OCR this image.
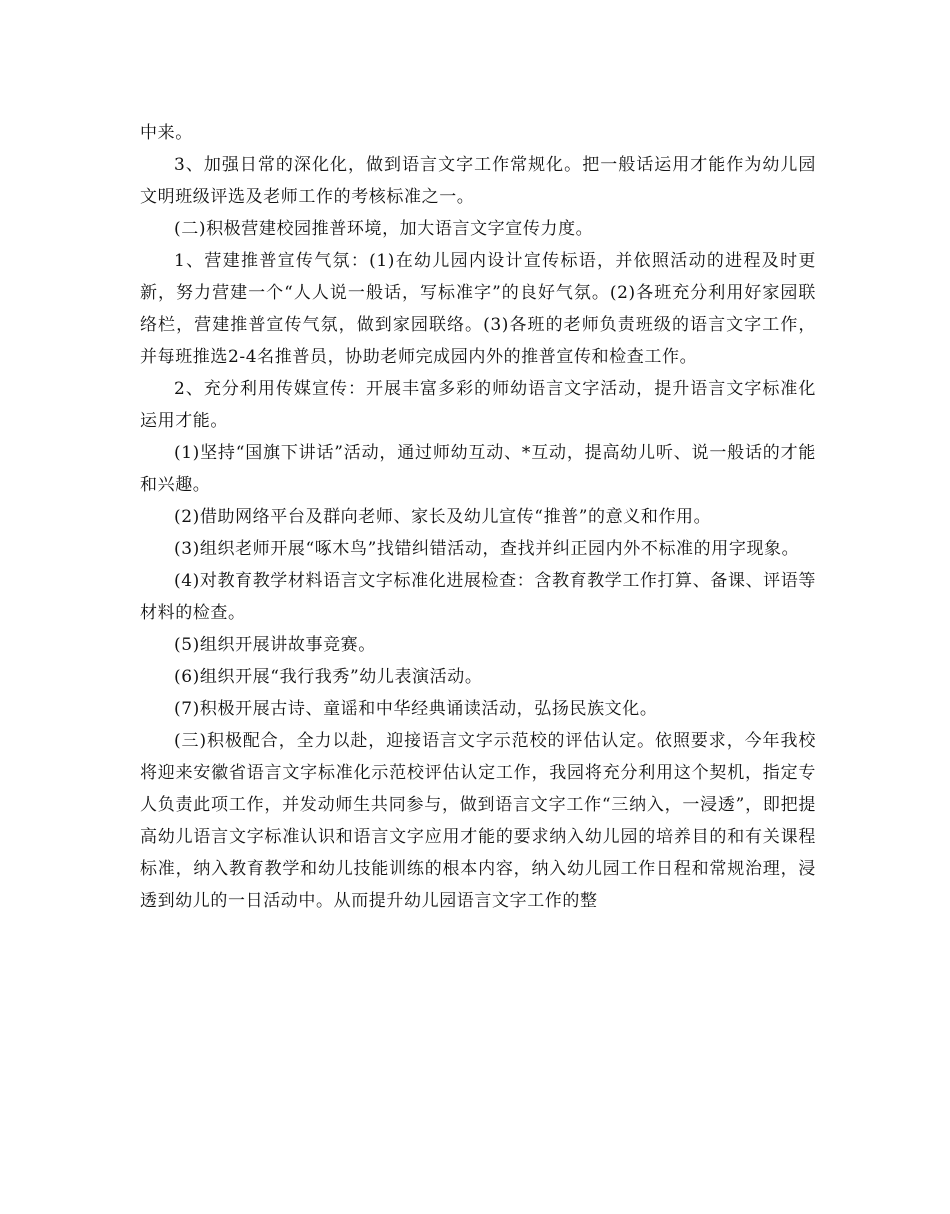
中来。

3、加强日常的深化化，做到语言文字工作常规化。把一般话运用才能作为幼儿园文明班级评选及老师工作的考核标准之一。

(二)积极营建校园推普环境，加大语言文字宣传力度。

1、营建推普宣传气氛：(1)在幼儿园内设计宣传标语，并依照活动的进程及时更新，努力营建一个“人人说一般话，写标准字”的良好气氛。(2)各班充分利用好家园联络栏，营建推普宣传气氛，做到家园联络。(3)各班的老师负责班级的语言文字工作，并每班推选2-4名推普员，协助老师完成园内外的推普宣传和检查工作。

2、充分利用传媒宣传：开展丰富多彩的师幼语言文字活动，提升语言文字标准化运用才能。

(1)坚持“国旗下讲话”活动，通过师幼互动、*互动，提高幼儿听、说一般话的才能和兴趣。

(2)借助网络平台及群向老师、家长及幼儿宣传“推普”的意义和作用。

(3)组织老师开展“啄木鸟”找错纠错活动，查找并纠正园内外不标准的用字现象。

(4)对教育教学材料语言文字标准化进展检查：含教育教学工作打算、备课、评语等材料的检查。

(5)组织开展讲故事竞赛。

(6)组织开展“我行我秀”幼儿表演活动。

(7)积极开展古诗、童谣和中华经典诵读活动，弘扬民族文化。

(三)积极配合，全力以赴，迎接语言文字示范校的评估认定。依照要求，今年我校将迎来安徽省语言文字标准化示范校评估认定工作，我园将充分利用这个契机，指定专人负责此项工作，并发动师生共同参与，做到语言文字工作“三纳入，一浸透”，即把提高幼儿语言文字标准认识和语言文字应用才能的要求纳入幼儿园的培养目的和有关课程标准，纳入教育教学和幼儿技能训练的根本内容，纳入幼儿园工作日程和常规治理，浸透到幼儿的一日活动中。从而提升幼儿园语言文字工作的整
